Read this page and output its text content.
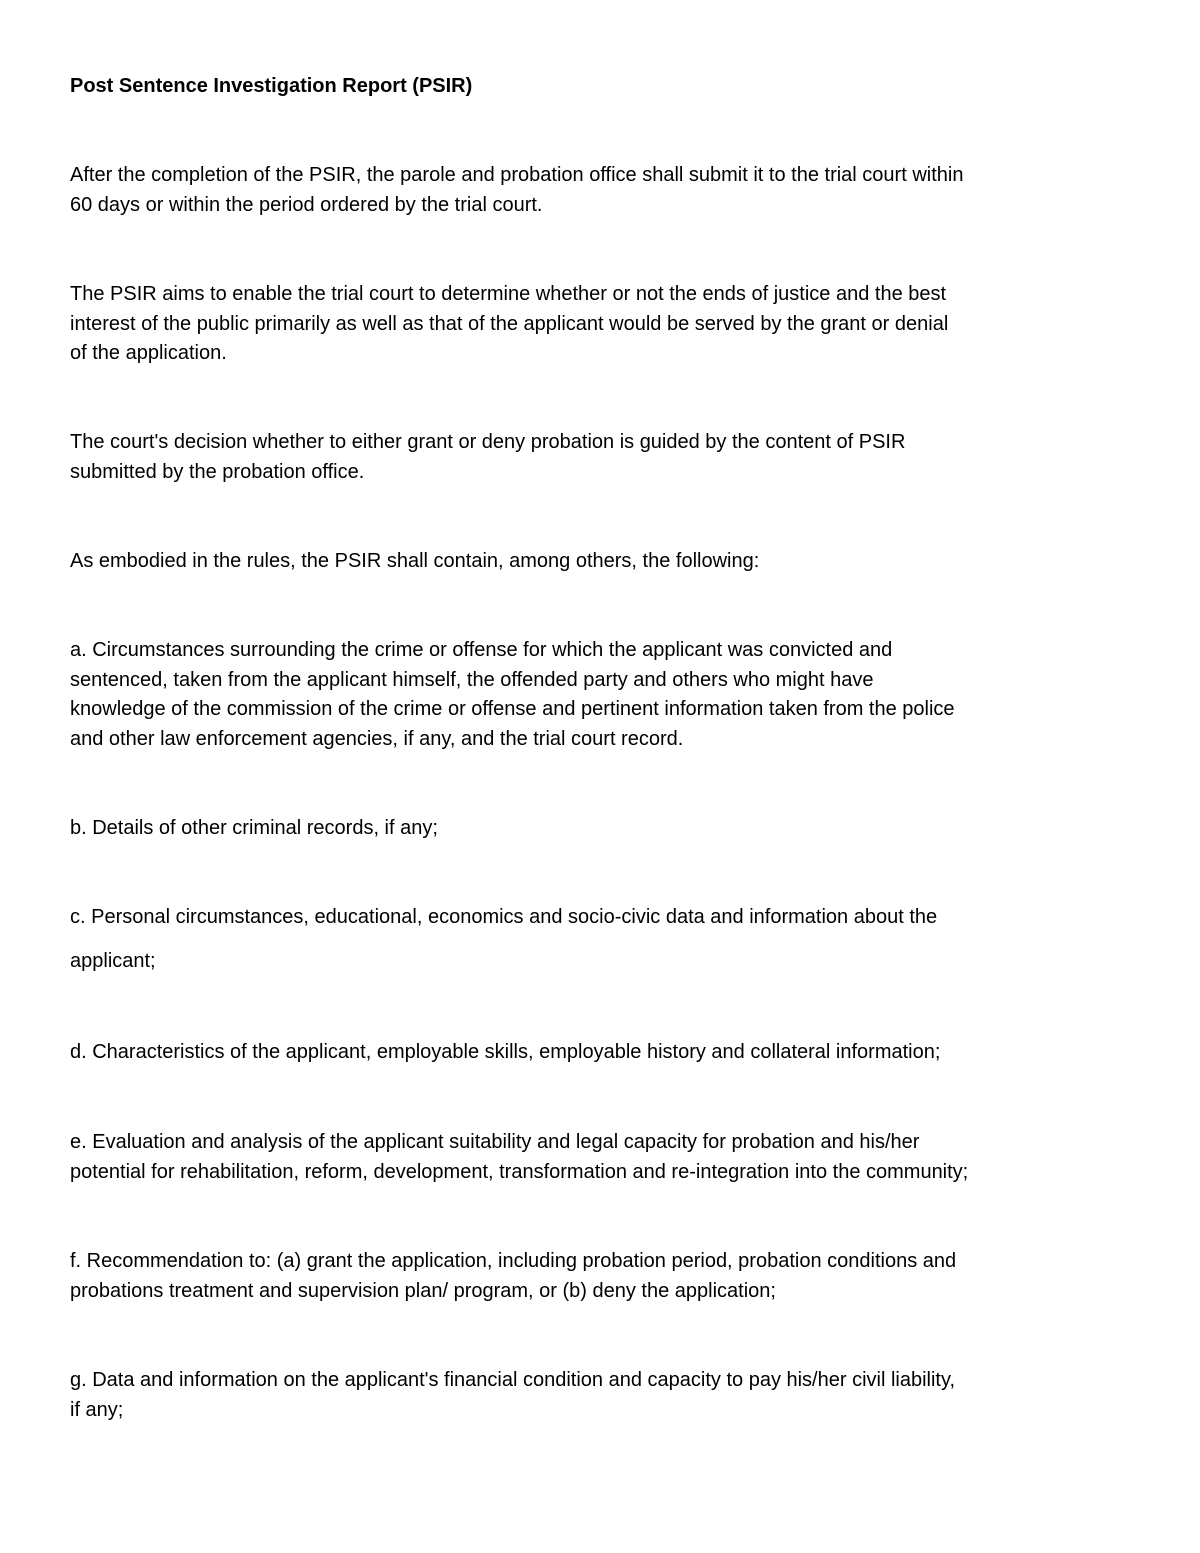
Post Sentence Investigation Report (PSIR)

After the completion of the PSIR, the parole and probation office shall submit it to the trial court within
60 days or within the period ordered by the trial court.

The PSIR aims to enable the trial court to determine whether or not the ends of justice and the best
interest of the public primarily as well as that of the applicant would be served by the grant or denial
of the application.

The court's decision whether to either grant or deny probation is guided by the content of PSIR
submitted by the probation office.

As embodied in the rules, the PSIR shall contain, among others, the following:

a. Circumstances surrounding the crime or offense for which the applicant was convicted and
sentenced, taken from the applicant himself, the offended party and others who might have
knowledge of the commission of the crime or offense and pertinent information taken from the police
and other law enforcement agencies, if any, and the trial court record.

b. Details of other criminal records, if any;

c. Personal circumstances, educational, economics and socio-civic data and information about the
applicant;

d. Characteristics of the applicant, employable skills, employable history and collateral information;

e. Evaluation and analysis of the applicant suitability and legal capacity for probation and his/her
potential for rehabilitation, reform, development, transformation and re-integration into the community;

f. Recommendation to: (a) grant the application, including probation period, probation conditions and
probations treatment and supervision plan/ program, or (b) deny the application;

g. Data and information on the applicant's financial condition and capacity to pay his/her civil liability,
if any;
